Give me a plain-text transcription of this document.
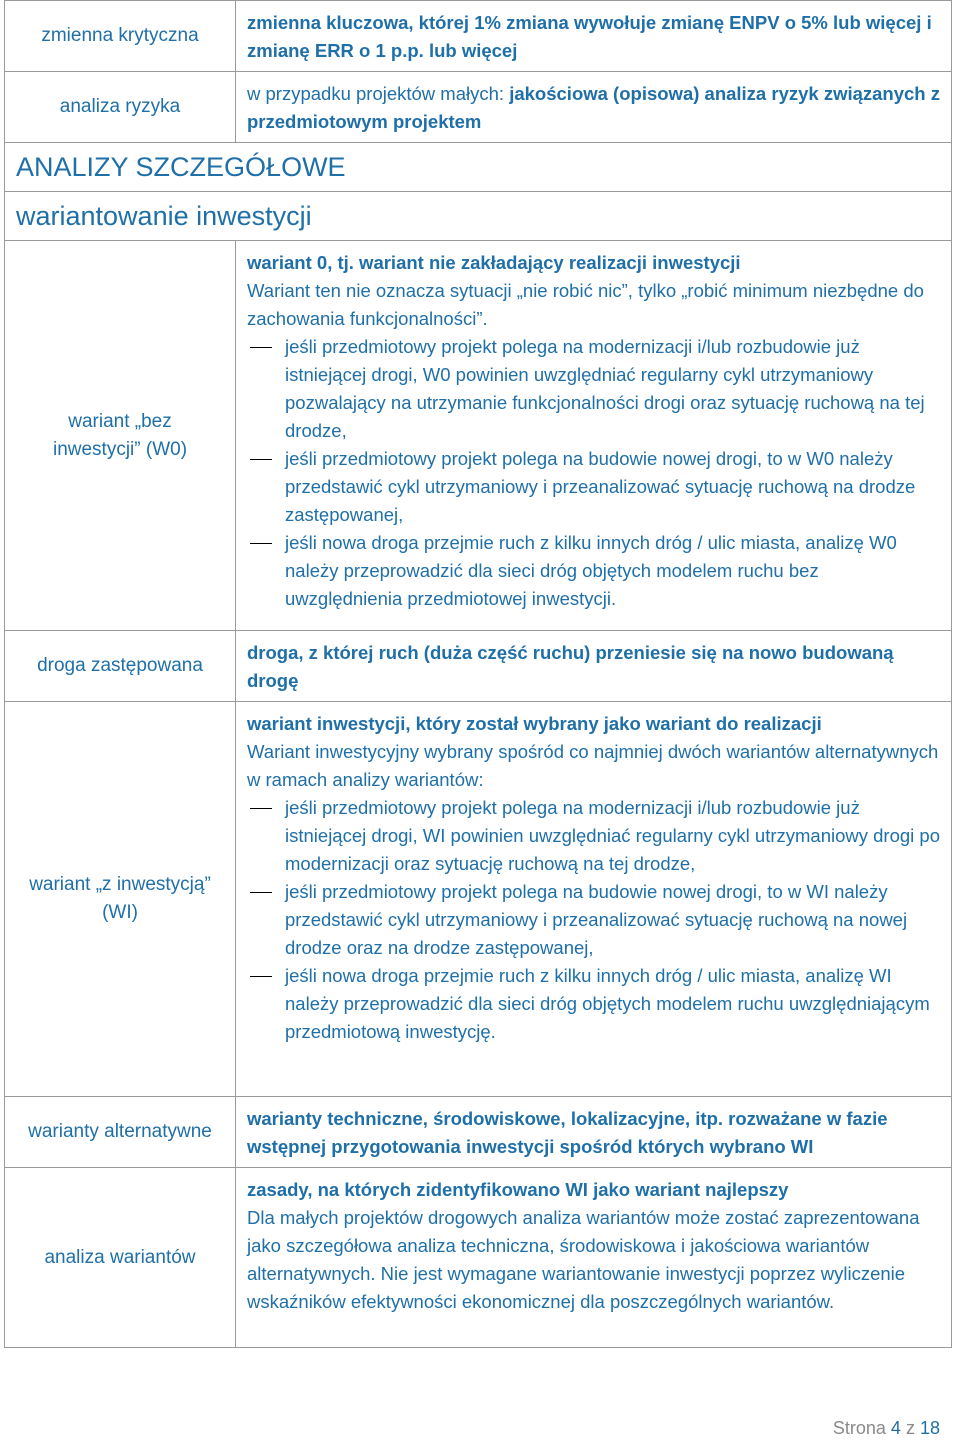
zmienna krytyczna	zmienna kluczowa, której 1% zmiana wywołuje zmianę ENPV o 5% lub więcej i zmianę ERR o 1 p.p. lub więcej

analiza ryzyka	w przypadku projektów małych: jakościowa (opisowa) analiza ryzyk związanych z przedmiotowym projektem

ANALIZY SZCZEGÓŁOWE	

wariantowanie inwestycji	

wariant „bez inwestycji” (W0)	wariant 0, tj. wariant nie zakładający realizacji inwestycji
Wariant ten nie oznacza sytuacji „nie robić nic”, tylko „robić minimum niezbędne do zachowania funkcjonalności”.
jeśli przedmiotowy projekt polega na modernizacji i/lub rozbudowie już istniejącej drogi, W0 powinien uwzględniać regularny cykl utrzymaniowy pozwalający na utrzymanie funkcjonalności drogi oraz sytuację ruchową na tej drodze,
jeśli przedmiotowy projekt polega na budowie nowej drogi, to w W0 należy przedstawić cykl utrzymaniowy i przeanalizować sytuację ruchową na drodze zastępowanej,
jeśli nowa droga przejmie ruch z kilku innych dróg / ulic miasta, analizę W0 należy przeprowadzić dla sieci dróg objętych modelem ruchu bez uwzględnienia przedmiotowej inwestycji.

droga zastępowana	droga, z której ruch (duża część ruchu) przeniesie się na nowo budowaną drogę

wariant „z inwestycją” (WI)	wariant inwestycji, który został wybrany jako wariant do realizacji
Wariant inwestycyjny wybrany spośród co najmniej dwóch wariantów alternatywnych w ramach analizy wariantów:
jeśli przedmiotowy projekt polega na modernizacji i/lub rozbudowie już istniejącej drogi, WI powinien uwzględniać regularny cykl utrzymaniowy drogi po modernizacji oraz sytuację ruchową na tej drodze,
jeśli przedmiotowy projekt polega na budowie nowej drogi, to w WI należy przedstawić cykl utrzymaniowy i przeanalizować sytuację ruchową na nowej drodze oraz na drodze zastępowanej,
jeśli nowa droga przejmie ruch z kilku innych dróg / ulic miasta, analizę WI należy przeprowadzić dla sieci dróg objętych modelem ruchu uwzględniającym przedmiotową inwestycję.

warianty alternatywne	warianty techniczne, środowiskowe, lokalizacyjne, itp. rozważane w fazie wstępnej przygotowania inwestycji spośród których wybrano WI

analiza wariantów	zasady, na których zidentyfikowano WI jako wariant najlepszy
Dla małych projektów drogowych analiza wariantów może zostać zaprezentowana jako szczegółowa analiza techniczna, środowiskowa i jakościowa wariantów alternatywnych. Nie jest wymagane wariantowanie inwestycji poprzez wyliczenie wskaźników efektywności ekonomicznej dla poszczególnych wariantów.
Strona 4 z 18
